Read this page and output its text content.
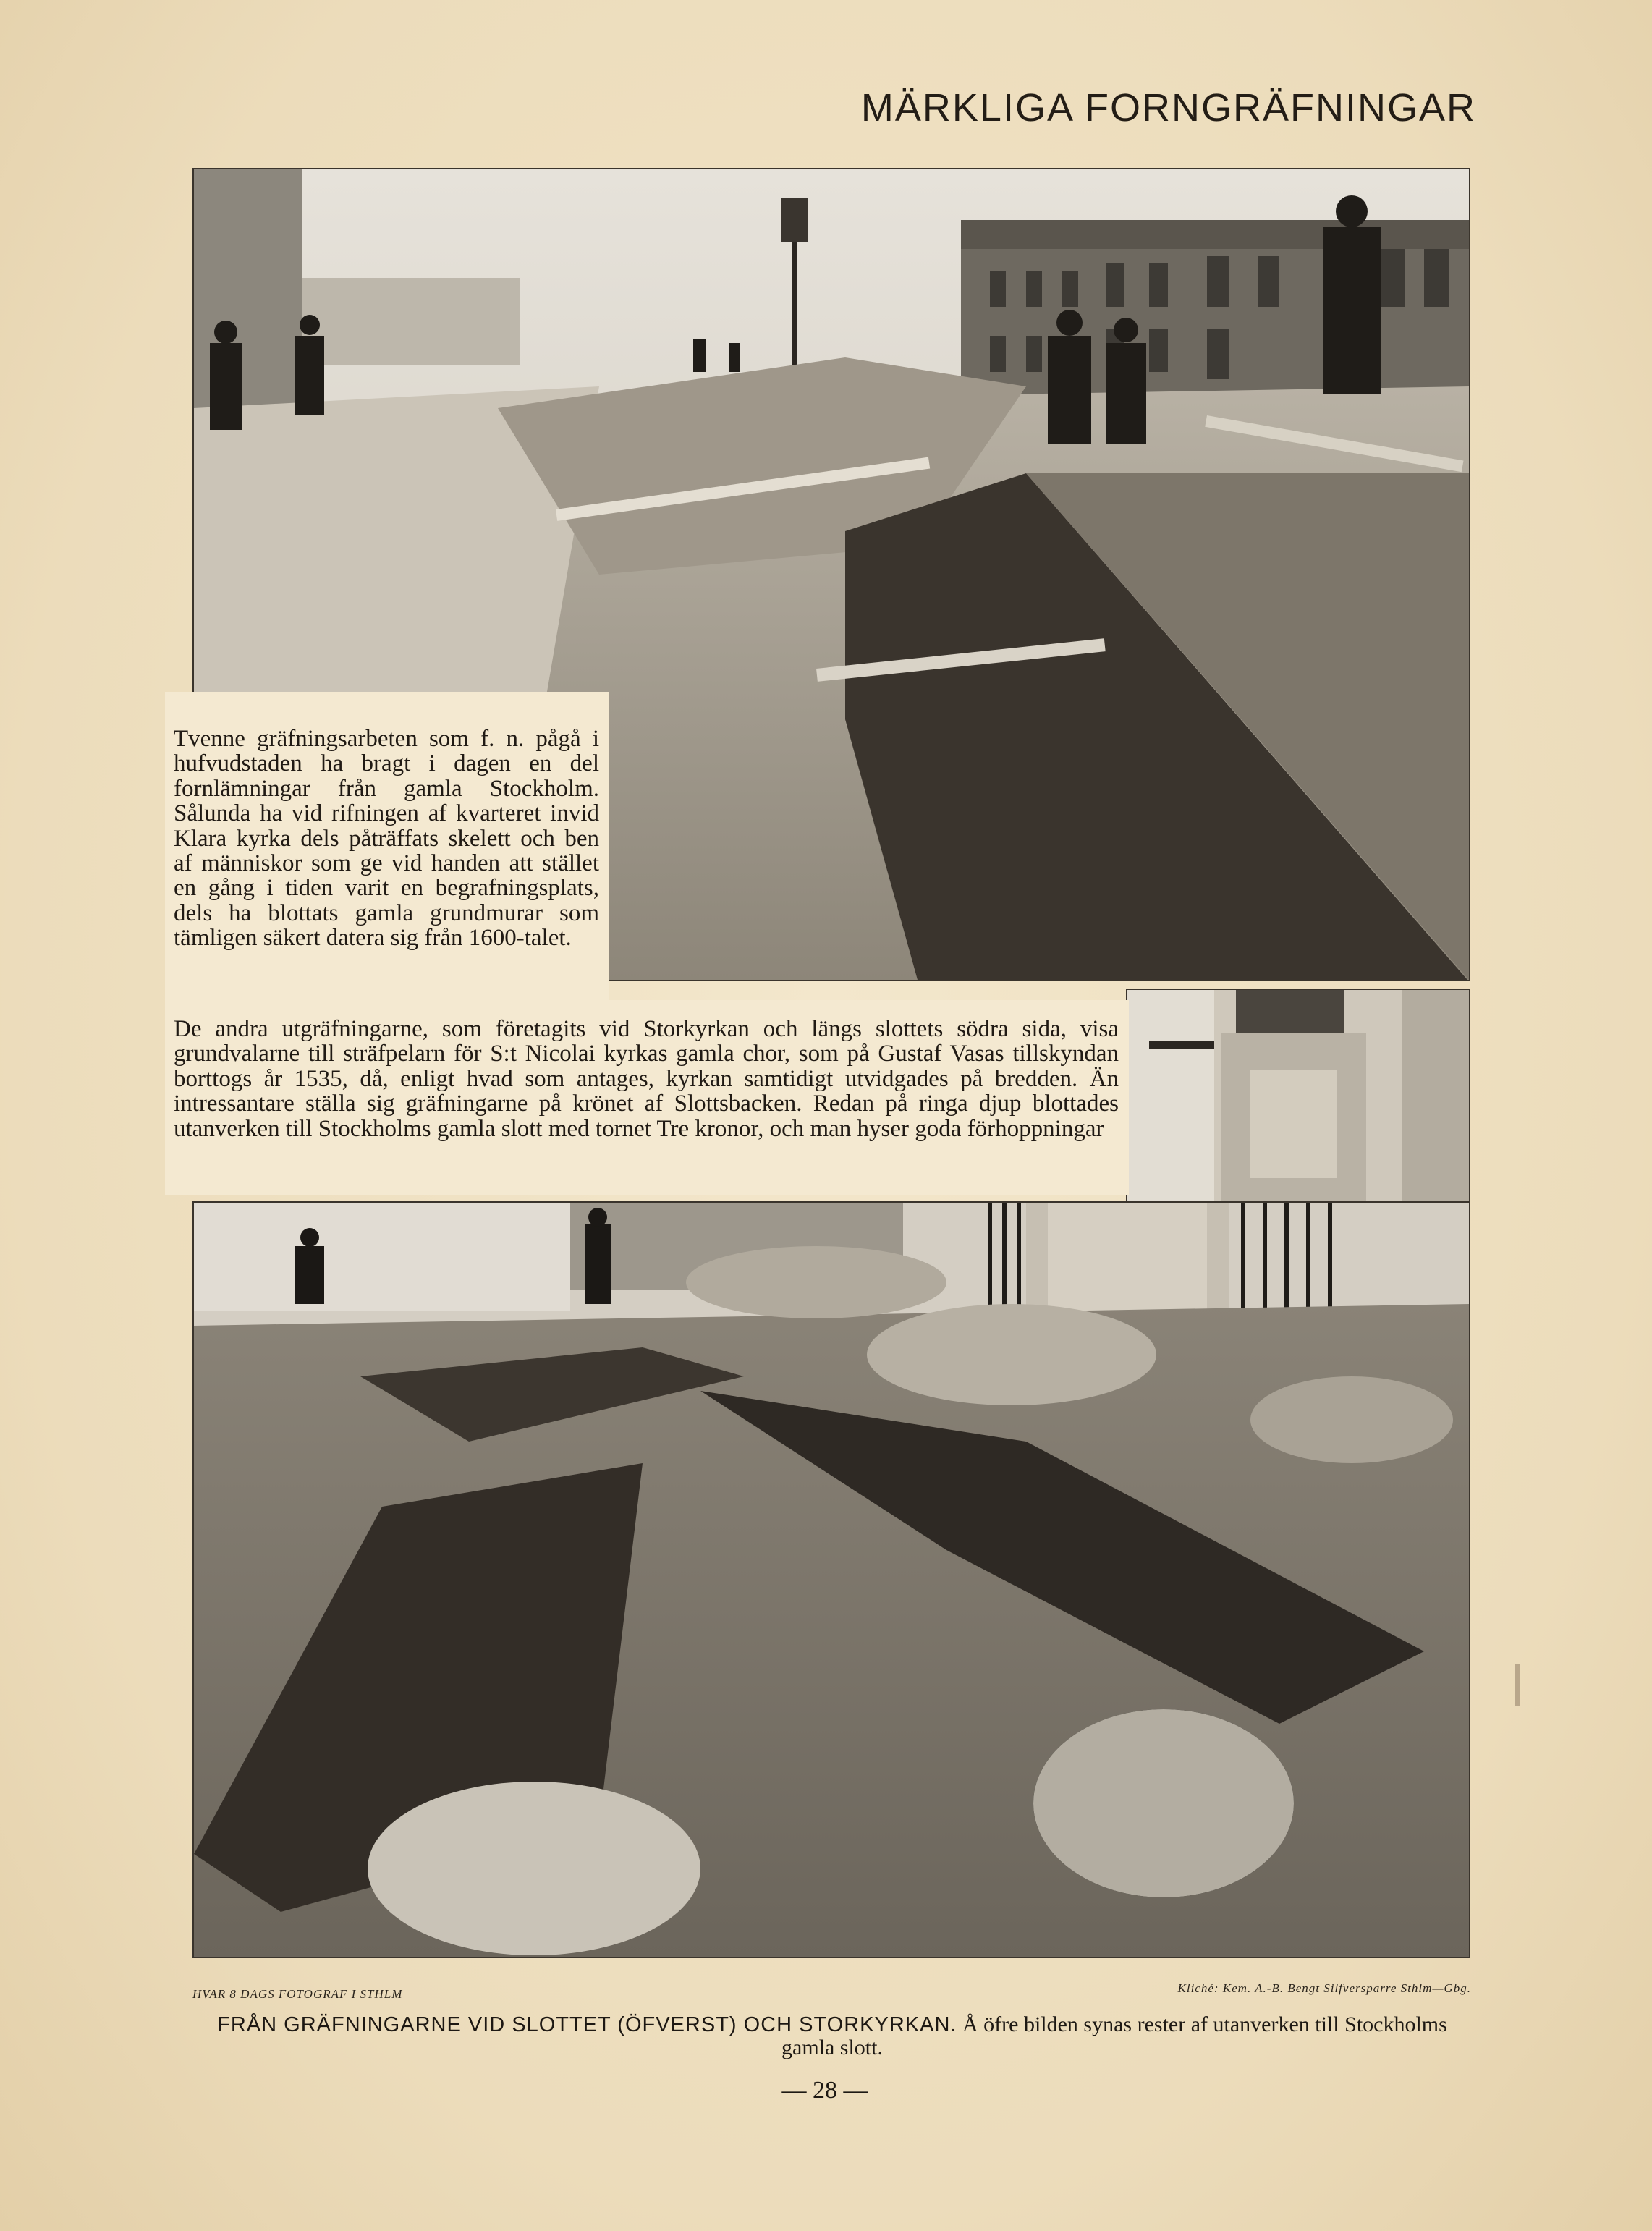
MÄRKLIGA FORNGRÄFNINGAR
Tvenne gräfningsarbeten som f. n. pågå i hufvudstaden ha bragt i dagen en del fornlämningar från gamla Stockholm. Sålunda ha vid rifningen af kvarteret invid Klara kyrka dels påträffats skelett och ben af människor som ge vid handen att stället en gång i tiden varit en begrafningsplats, dels ha blottats gamla grundmurar som tämligen säkert datera sig från 1600-talet.
De andra utgräfningarne, som företagits vid Storkyrkan och längs slottets södra sida, visa grundvalarne till sträfpelarn för S:t Nicolai kyrkas gamla chor, som på Gustaf Vasas tillskyndan borttogs år 1535, då, enligt hvad som antages, kyrkan samtidigt utvidgades på bredden. Än intressantare ställa sig gräfningarne på krönet af Slottsbacken. Redan på ringa djup blottades utanverken till Stockholms gamla slott med tornet Tre kronor, och man hyser goda förhoppningar
HVAR 8 DAGS FOTOGRAF I STHLM	Kliché: Kem. A.-B. Bengt Silfversparre Sthlm—Gbg.
FRÅN GRÄFNINGARNE VID SLOTTET (ÖFVERST) OCH STORKYRKAN. Å öfre bilden synas rester af utanverken till Stockholms gamla slott.
— 28 —
